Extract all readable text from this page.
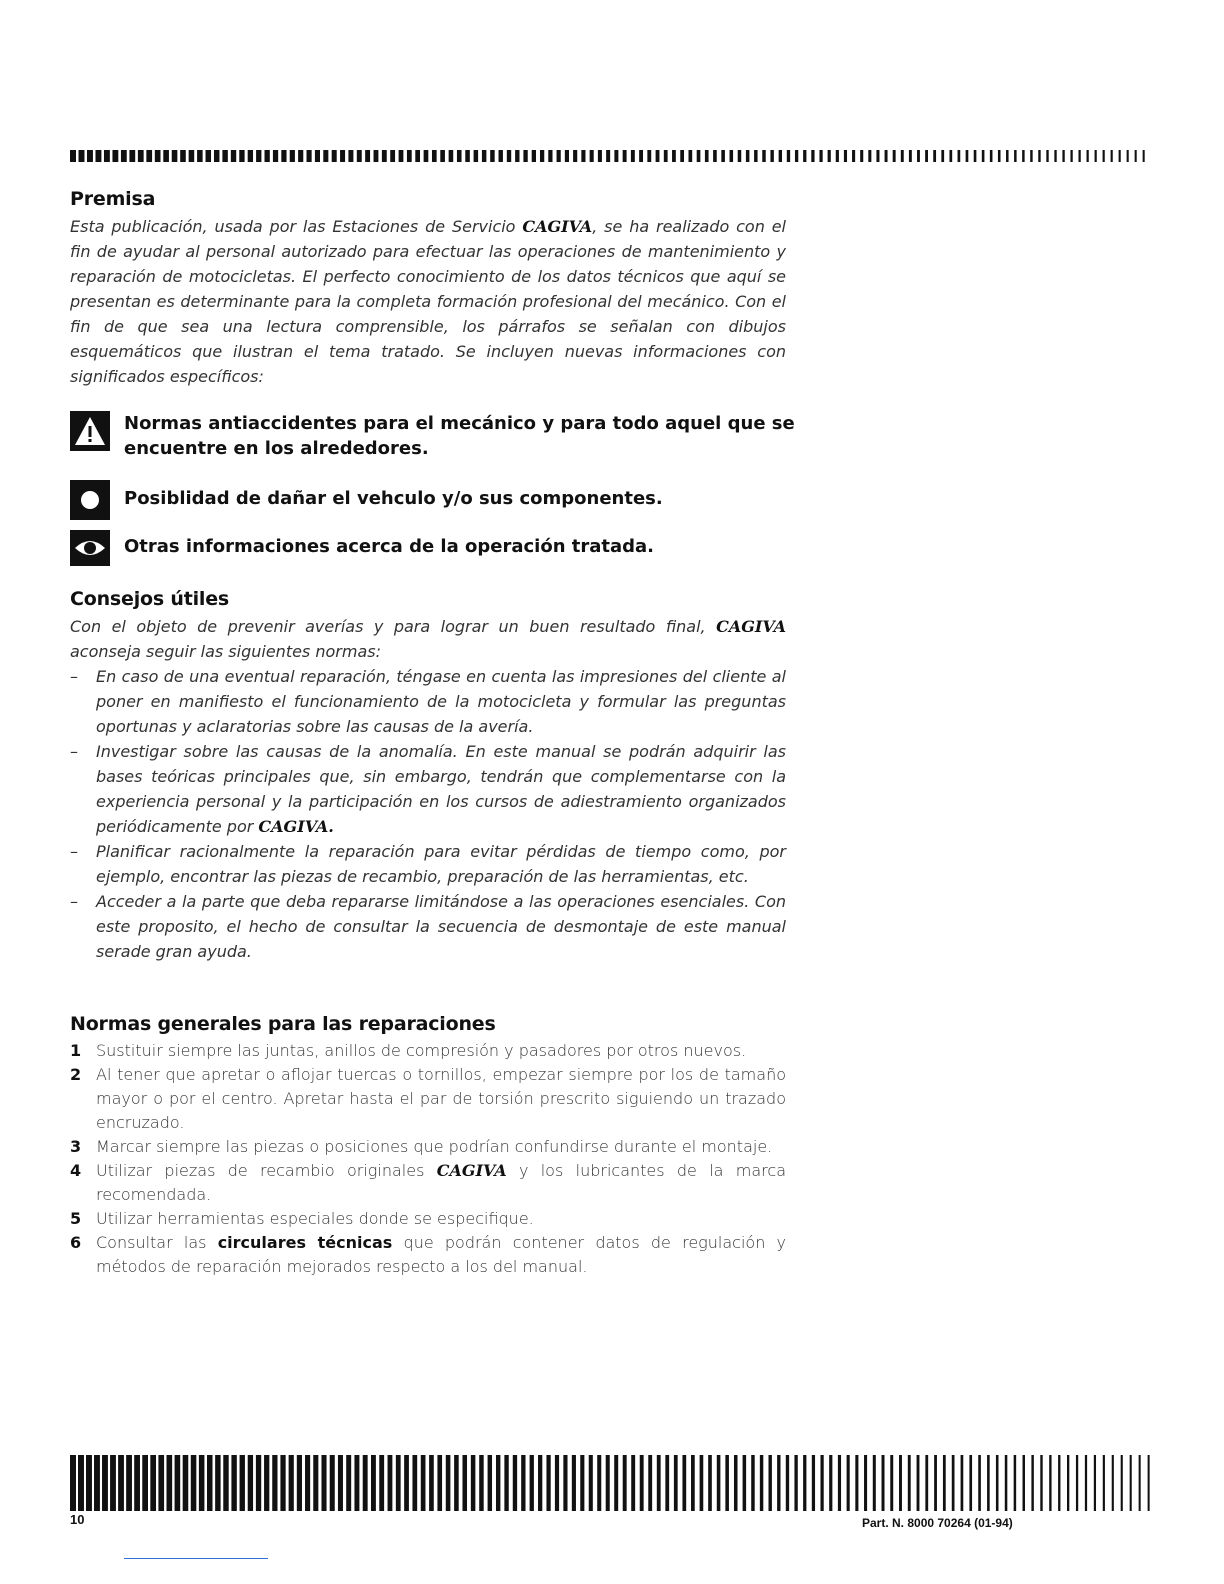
Premisa

Esta publicación, usada por las Estaciones de Servicio CAGIVA, se ha realizado con el fin de ayudar al personal autorizado para efectuar las operaciones de mantenimiento y reparación de motocicletas. El perfecto conocimiento de los datos técnicos que aquí se presentan es determinante para la completa formación profesional del mecánico. Con el fin de que sea una lectura comprensible, los párrafos se señalan con dibujos esquemáticos que ilustran el tema tratado. Se incluyen nuevas informaciones con significados específicos:

Normas antiaccidentes para el mecánico y para todo aquel que se encuentre en los alrededores.
Posiblidad de dañar el vehculo y/o sus componentes.
Otras informaciones acerca de la operación tratada.
Consejos útiles

Con el objeto de prevenir averías y para lograr un buen resultado final, CAGIVA aconseja seguir las siguientes normas:

– En caso de una eventual reparación, téngase en cuenta las impresiones del cliente al poner en manifiesto el funcionamiento de la motocicleta y formular las preguntas oportunas y aclaratorias sobre las causas de la avería.
– Investigar sobre las causas de la anomalía. En este manual se podrán adquirir las bases teóricas principales que, sin embargo, tendrán que complementarse con la experiencia personal y la participación en los cursos de adiestramiento organizados periódicamente por CAGIVA.
– Planificar racionalmente la reparación para evitar pérdidas de tiempo como, por ejemplo, encontrar las piezas de recambio, preparación de las herramientas, etc.
– Acceder a la parte que deba repararse limitándose a las operaciones esenciales. Con este proposito, el hecho de consultar la secuencia de desmontaje de este manual serade gran ayuda.
Normas generales para las reparaciones
1 Sustituir siempre las juntas, anillos de compresión y pasadores por otros nuevos.
2 Al tener que apretar o aflojar tuercas o tornillos, empezar siempre por los de tamaño mayor o por el centro. Apretar hasta el par de torsión prescrito siguiendo un trazado encruzado.
3 Marcar siempre las piezas o posiciones que podrían confundirse durante el montaje.
4 Utilizar piezas de recambio originales CAGIVA y los lubricantes de la marca recomendada.
5 Utilizar herramientas especiales donde se especifique.
6 Consultar las circulares técnicas que podrán contener datos de regulación y métodos de reparación mejorados respecto a los del manual.
10	Part. N. 8000 70264 (01-94)
